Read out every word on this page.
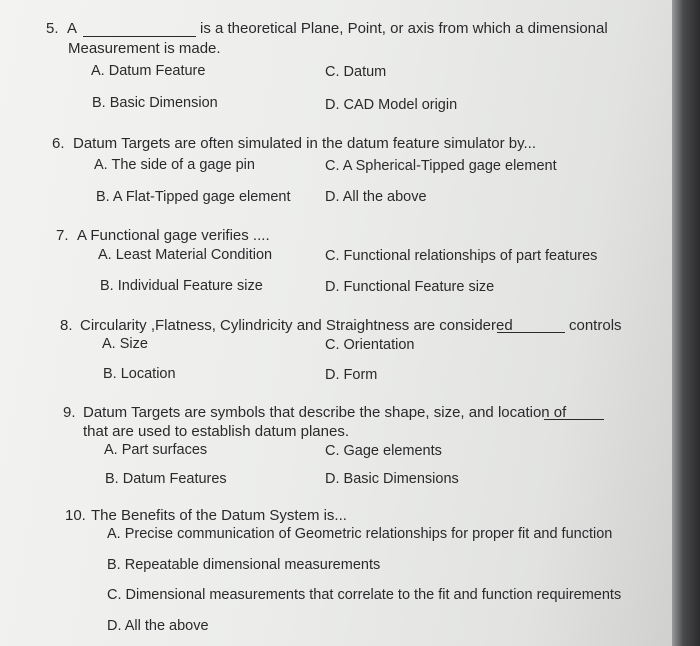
5. A	is a theoretical Plane, Point, or axis from which a dimensional
Measurement is made.
A. Datum Feature	C. Datum
B. Basic Dimension	D. CAD Model origin
6. Datum Targets are often simulated in the datum feature simulator by...
A. The side of a gage pin	C. A Spherical-Tipped gage element
B. A Flat-Tipped gage element D. All the above
7. A Functional gage verifies ....
A. Least Material Condition	C. Functional relationships of part features
B. Individual Feature size	D. Functional Feature size
8. Circularity ,Flatness, Cylindricity and Straightness are considered	controls
A. Size	C. Orientation
B. Location	D. Form
9. Datum Targets are symbols that describe the shape, size, and location of
that are used to establish datum planes.
A. Part surfaces	C. Gage elements
B. Datum Features	D. Basic Dimensions
10. The Benefits of the Datum System is...
A. Precise communication of Geometric relationships for proper fit and function
B. Repeatable dimensional measurements
C. Dimensional measurements that correlate to the fit and function requirements
D. All the above
